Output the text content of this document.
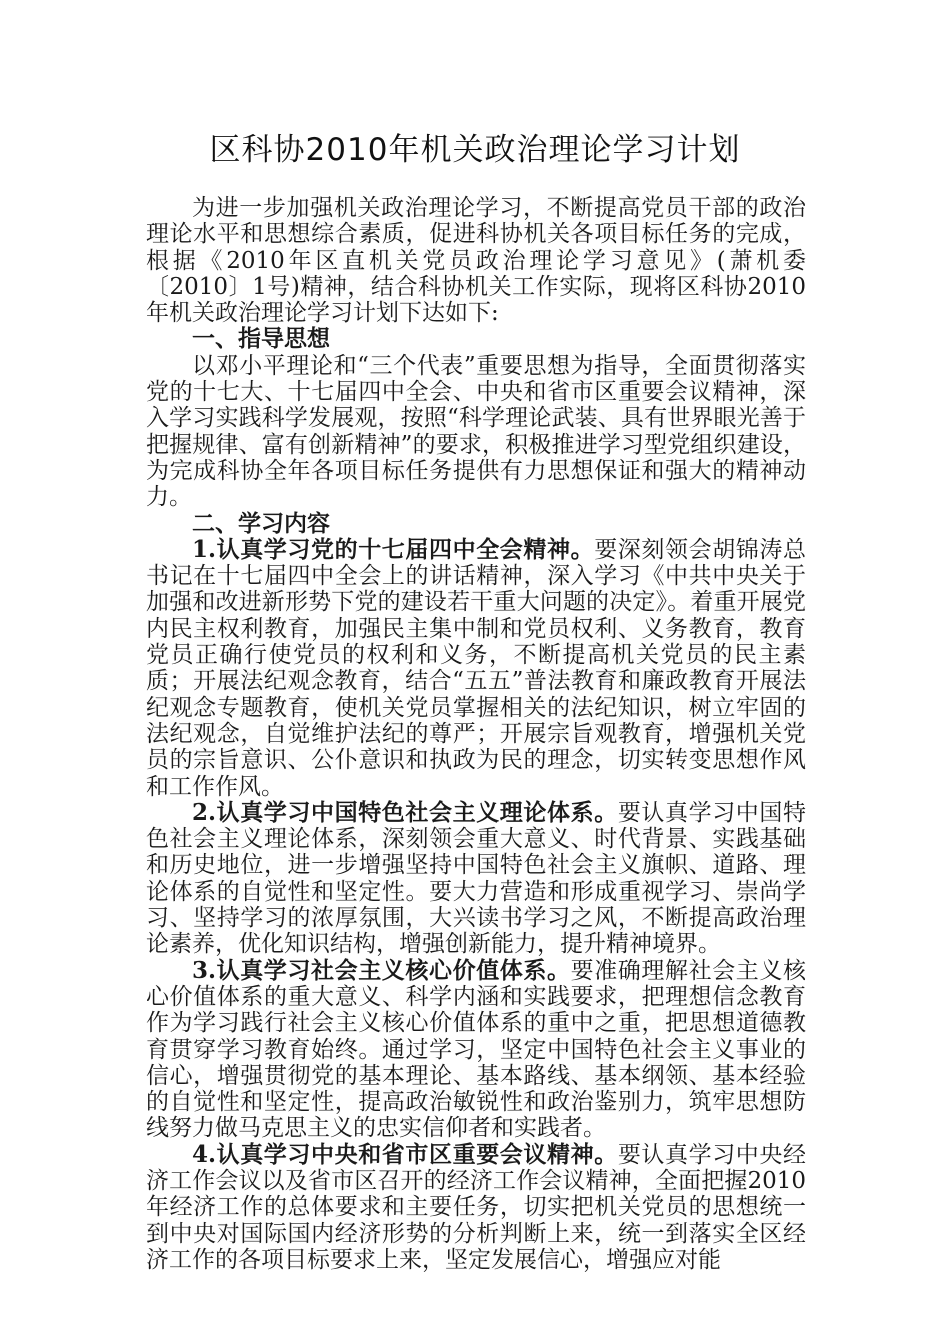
区科协2010年机关政治理论学习计划

为进一步加强机关政治理论学习，不断提高党员干部的政治理论水平和思想综合素质，促进科协机关各项目标任务的完成，根据《2010年区直机关党员政治理论学习意见》(萧机委〔2010〕1号)精神，结合科协机关工作实际，现将区科协2010年机关政治理论学习计划下达如下:

一、指导思想

以邓小平理论和“三个代表”重要思想为指导，全面贯彻落实党的十七大、十七届四中全会、中央和省市区重要会议精神，深入学习实践科学发展观，按照“科学理论武装、具有世界眼光善于把握规律、富有创新精神”的要求，积极推进学习型党组织建设，为完成科协全年各项目标任务提供有力思想保证和强大的精神动力。

二、学习内容

1.认真学习党的十七届四中全会精神。要深刻领会胡锦涛总书记在十七届四中全会上的讲话精神，深入学习《中共中央关于加强和改进新形势下党的建设若干重大问题的决定》。着重开展党内民主权利教育，加强民主集中制和党员权利、义务教育，教育党员正确行使党员的权利和义务，不断提高机关党员的民主素质；开展法纪观念教育，结合“五五”普法教育和廉政教育开展法纪观念专题教育，使机关党员掌握相关的法纪知识，树立牢固的法纪观念，自觉维护法纪的尊严；开展宗旨观教育，增强机关党员的宗旨意识、公仆意识和执政为民的理念，切实转变思想作风和工作作风。

2.认真学习中国特色社会主义理论体系。要认真学习中国特色社会主义理论体系，深刻领会重大意义、时代背景、实践基础和历史地位，进一步增强坚持中国特色社会主义旗帜、道路、理论体系的自觉性和坚定性。要大力营造和形成重视学习、崇尚学习、坚持学习的浓厚氛围，大兴读书学习之风，不断提高政治理论素养，优化知识结构，增强创新能力，提升精神境界。

3.认真学习社会主义核心价值体系。要准确理解社会主义核心价值体系的重大意义、科学内涵和实践要求，把理想信念教育作为学习践行社会主义核心价值体系的重中之重，把思想道德教育贯穿学习教育始终。通过学习，坚定中国特色社会主义事业的信心，增强贯彻党的基本理论、基本路线、基本纲领、基本经验的自觉性和坚定性，提高政治敏锐性和政治鉴别力，筑牢思想防线努力做马克思主义的忠实信仰者和实践者。

4.认真学习中央和省市区重要会议精神。要认真学习中央经济工作会议以及省市区召开的经济工作会议精神，全面把握2010年经济工作的总体要求和主要任务，切实把机关党员的思想统一到中央对国际国内经济形势的分析判断上来，统一到落实全区经济工作的各项目标要求上来，坚定发展信心，增强应对能
